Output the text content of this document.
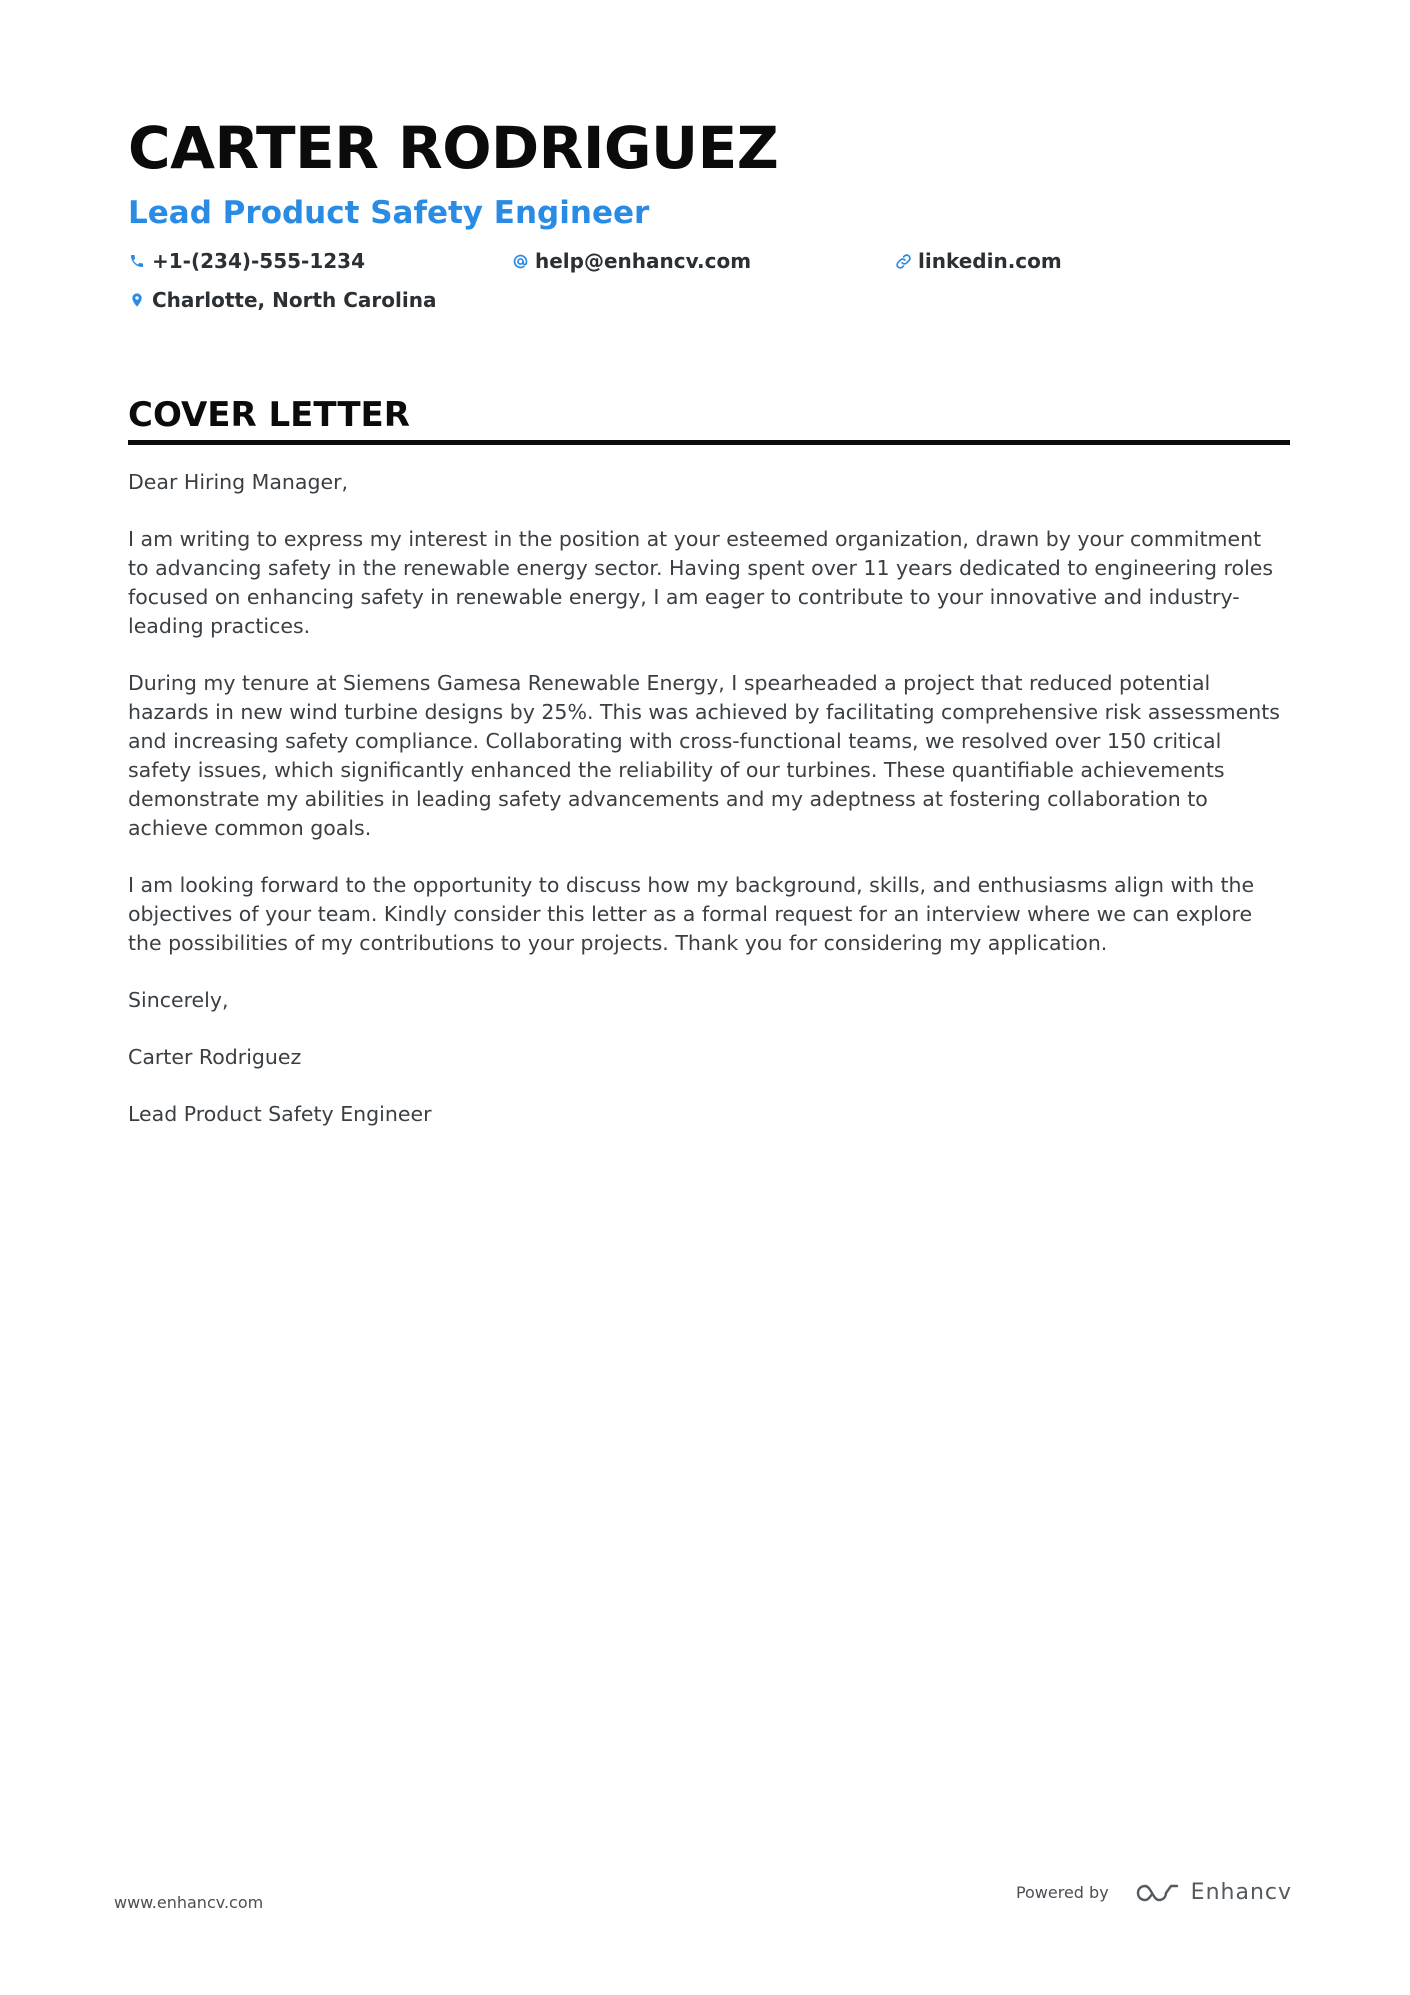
CARTER RODRIGUEZ
Lead Product Safety Engineer
+1-(234)-555-1234	help@enhancv.com	linkedin.com
Charlotte, North Carolina
COVER LETTER

Dear Hiring Manager,

I am writing to express my interest in the position at your esteemed organization, drawn by your commitment to advancing safety in the renewable energy sector. Having spent over 11 years dedicated to engineering roles focused on enhancing safety in renewable energy, I am eager to contribute to your innovative and industry-leading practices.

During my tenure at Siemens Gamesa Renewable Energy, I spearheaded a project that reduced potential hazards in new wind turbine designs by 25%. This was achieved by facilitating comprehensive risk assessments and increasing safety compliance. Collaborating with cross-functional teams, we resolved over 150 critical safety issues, which significantly enhanced the reliability of our turbines. These quantifiable achievements demonstrate my abilities in leading safety advancements and my adeptness at fostering collaboration to achieve common goals.

I am looking forward to the opportunity to discuss how my background, skills, and enthusiasms align with the objectives of your team. Kindly consider this letter as a formal request for an interview where we can explore the possibilities of my contributions to your projects. Thank you for considering my application.

Sincerely,

Carter Rodriguez

Lead Product Safety Engineer

www.enhancv.com
Powered by	Enhancv
